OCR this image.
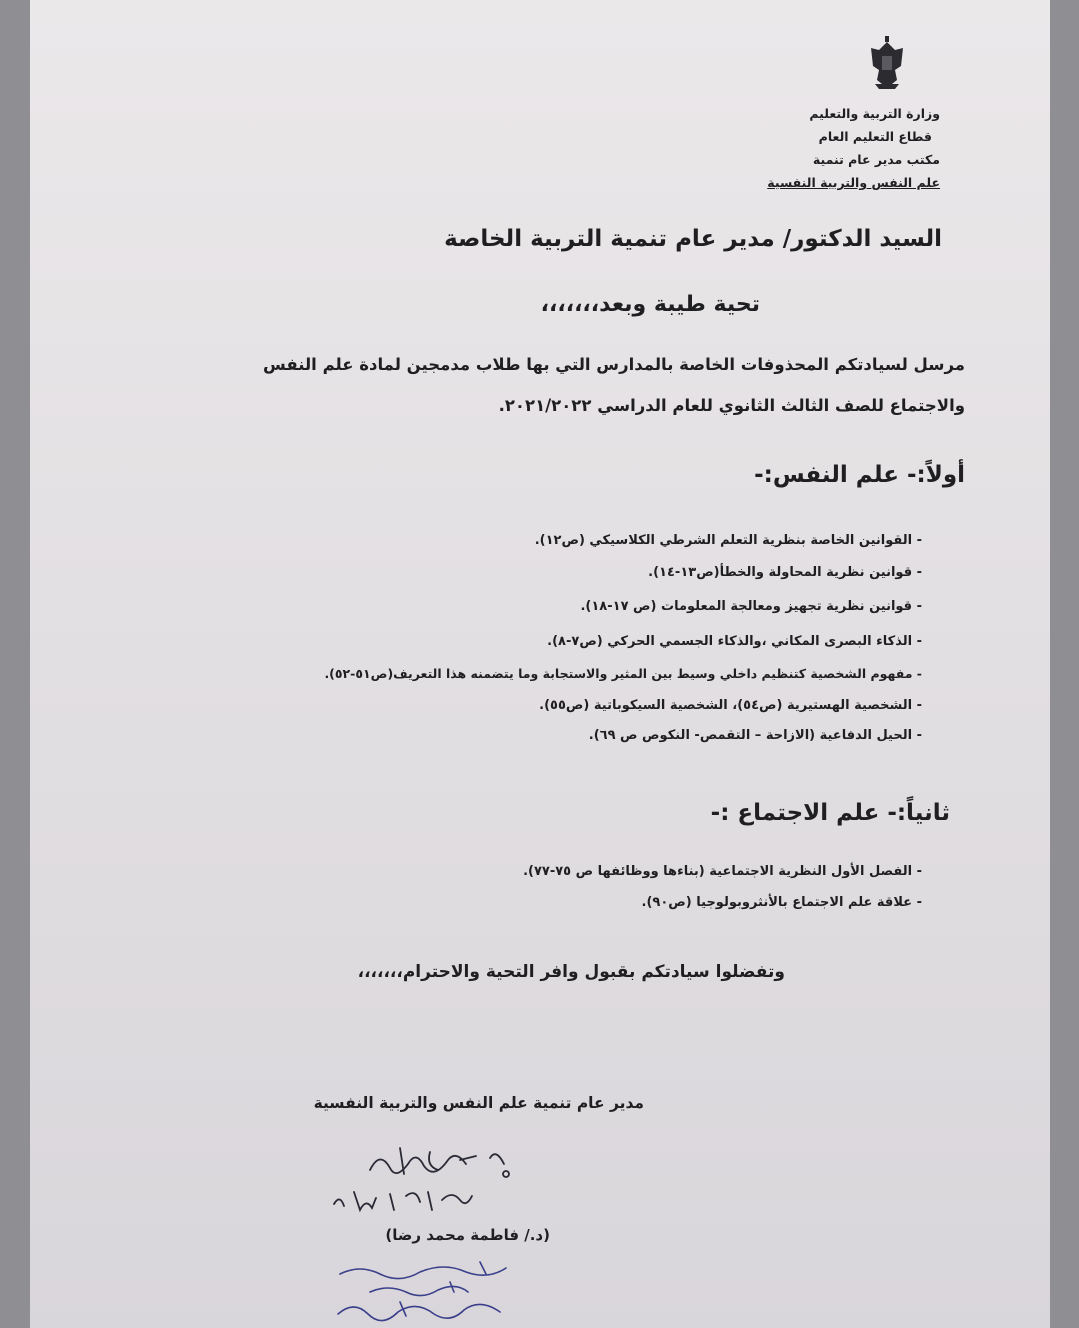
وزارة التربية والتعليم
قطاع التعليم العام
مكتب مدير عام تنمية
علم النفس والتربية النفسية
السيد الدكتور/ مدير عام تنمية التربية الخاصة
تحية طيبة وبعد،،،،،،،
مرسل لسيادتكم المحذوفات الخاصة بالمدارس التي بها طلاب مدمجين لمادة علم النفس
والاجتماع للصف الثالث الثانوي للعام الدراسي ٢٠٢١/٢٠٢٢.
أولاً:- علم النفس:-
- القوانين الخاصة بنظرية التعلم الشرطي الكلاسيكي (ص١٢).
- قوانين نظرية المحاولة والخطأ(ص١٣-١٤).
- قوانين نظرية تجهيز ومعالجة المعلومات (ص ١٧-١٨).
- الذكاء البصرى المكاني ،والذكاء الجسمي الحركي (ص٧-٨).
- مفهوم الشخصية كتنظيم داخلي وسيط بين المثير والاستجابة وما يتضمنه هذا التعريف(ص٥١-٥٢).
- الشخصية الهستيرية (ص٥٤)، الشخصية السيكوباتية (ص٥٥).
- الحيل الدفاعية (الازاحة – التقمص- النكوص ص ٦٩).
ثانياً:- علم الاجتماع :-
- الفصل الأول النظرية الاجتماعية (بناءها ووظائفها ص ٧٥-٧٧).
- علاقة علم الاجتماع بالأنثروبولوجيا (ص٩٠).
وتفضلوا سيادتكم بقبول وافر التحية والاحترام،،،،،،،
مدير عام تنمية علم النفس والتربية النفسية
(د./ فاطمة محمد رضا)
